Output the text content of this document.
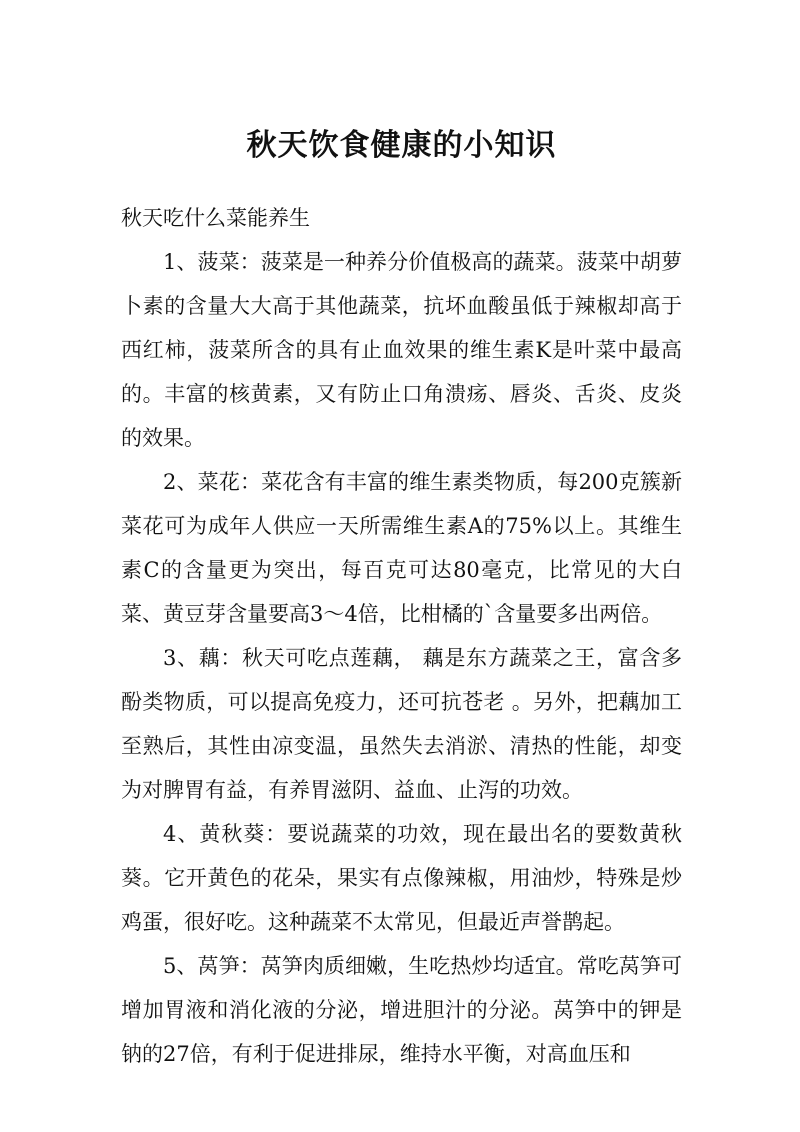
秋天饮食健康的小知识

秋天吃什么菜能养生

1、菠菜：菠菜是一种养分价值极高的蔬菜。菠菜中胡萝卜素的含量大大高于其他蔬菜，抗坏血酸虽低于辣椒却高于西红柿，菠菜所含的具有止血效果的维生素K是叶菜中最高的。丰富的核黄素，又有防止口角溃疡、唇炎、舌炎、皮炎的效果。

2、菜花：菜花含有丰富的维生素类物质，每200克簇新菜花可为成年人供应一天所需维生素A的75%以上。其维生素C的含量更为突出，每百克可达80毫克，比常见的大白菜、黄豆芽含量要高3～4倍，比柑橘的`含量要多出两倍。

3、藕：秋天可吃点莲藕， 藕是东方蔬菜之王，富含多酚类物质，可以提高免疫力，还可抗苍老 。另外，把藕加工至熟后，其性由凉变温，虽然失去消淤、清热的性能，却变为对脾胃有益，有养胃滋阴、益血、止泻的功效。

4、黄秋葵：要说蔬菜的功效，现在最出名的要数黄秋葵。它开黄色的花朵，果实有点像辣椒，用油炒，特殊是炒鸡蛋，很好吃。这种蔬菜不太常见，但最近声誉鹊起。

5、莴笋：莴笋肉质细嫩，生吃热炒均适宜。常吃莴笋可增加胃液和消化液的分泌，增进胆汁的分泌。莴笋中的钾是钠的27倍，有利于促进排尿，维持水平衡，对高血压和
